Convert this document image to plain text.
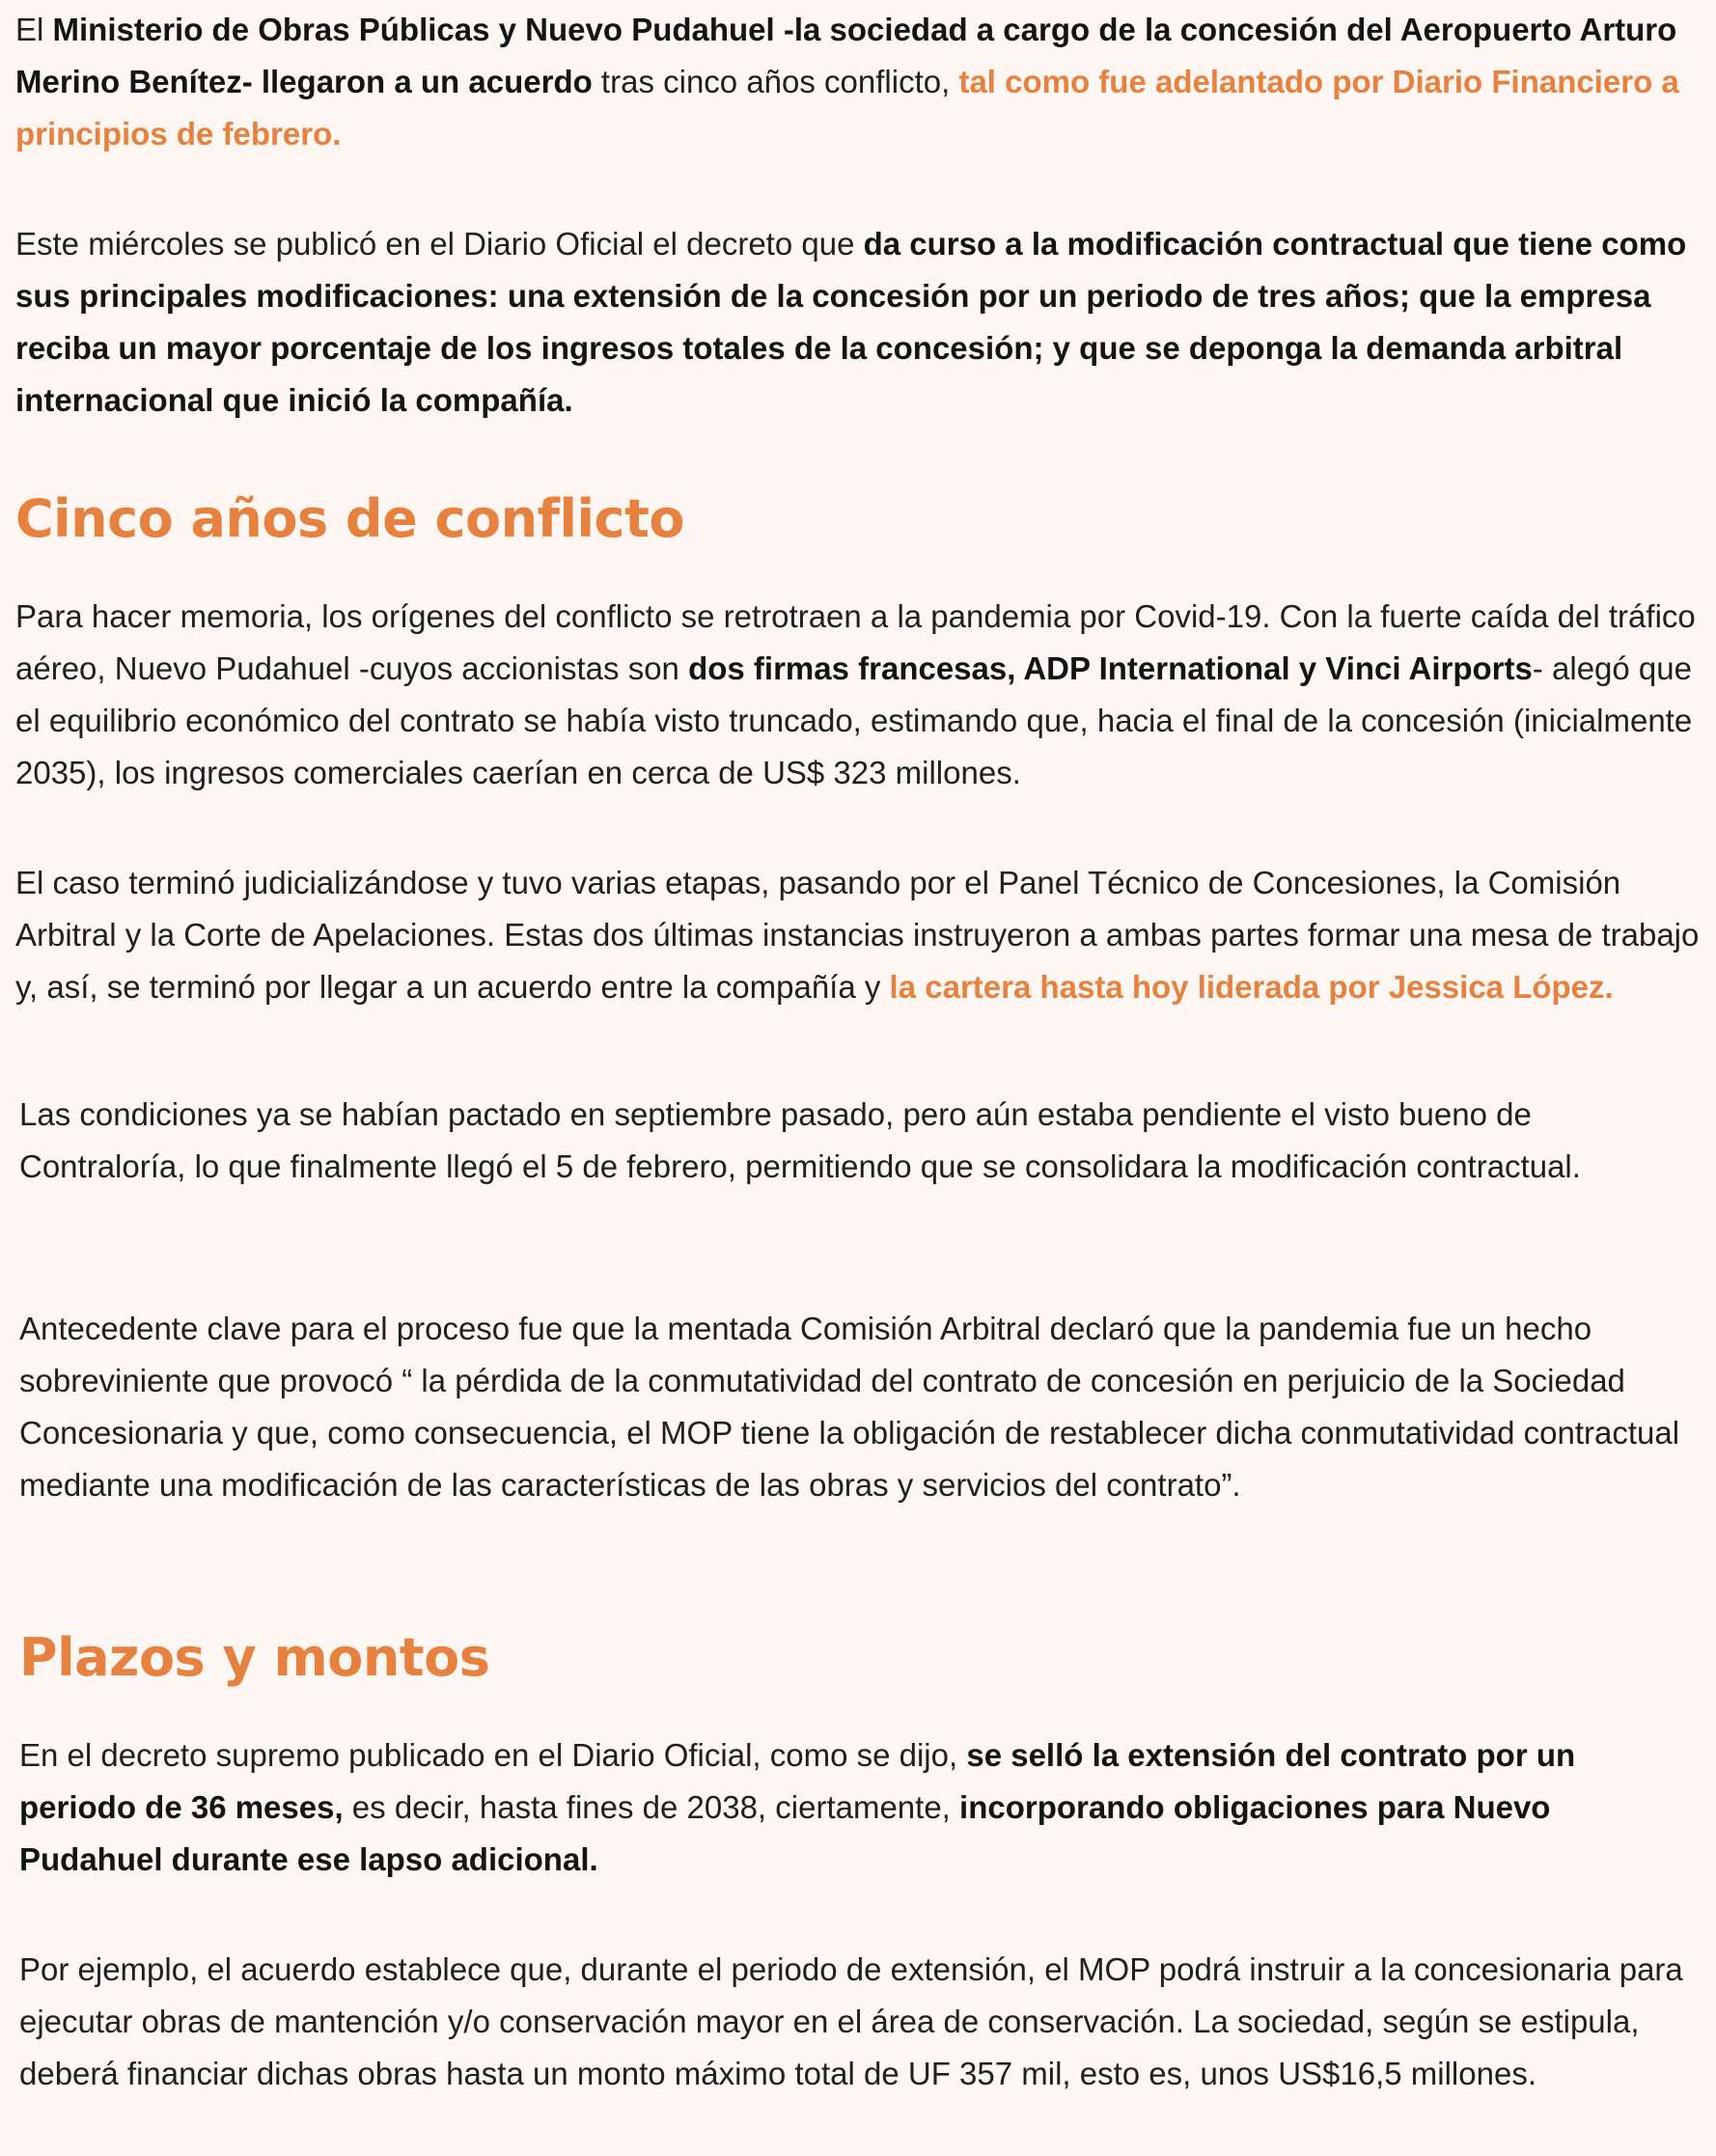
El Ministerio de Obras Públicas y Nuevo Pudahuel -la sociedad a cargo de la concesión del Aeropuerto Arturo Merino Benítez- llegaron a un acuerdo tras cinco años conflicto, tal como fue adelantado por Diario Financiero a principios de febrero.

Este miércoles se publicó en el Diario Oficial el decreto que da curso a la modificación contractual que tiene como sus principales modificaciones: una extensión de la concesión por un periodo de tres años; que la empresa reciba un mayor porcentaje de los ingresos totales de la concesión; y que se deponga la demanda arbitral internacional que inició la compañía.

Cinco años de conflicto

Para hacer memoria, los orígenes del conflicto se retrotraen a la pandemia por Covid-19. Con la fuerte caída del tráfico aéreo, Nuevo Pudahuel -cuyos accionistas son dos firmas francesas, ADP International y Vinci Airports- alegó que el equilibrio económico del contrato se había visto truncado, estimando que, hacia el final de la concesión (inicialmente 2035), los ingresos comerciales caerían en cerca de US$ 323 millones.

El caso terminó judicializándose y tuvo varias etapas, pasando por el Panel Técnico de Concesiones, la Comisión Arbitral y la Corte de Apelaciones. Estas dos últimas instancias instruyeron a ambas partes formar una mesa de trabajo y, así, se terminó por llegar a un acuerdo entre la compañía y la cartera hasta hoy liderada por Jessica López.

Las condiciones ya se habían pactado en septiembre pasado, pero aún estaba pendiente el visto bueno de Contraloría, lo que finalmente llegó el 5 de febrero, permitiendo que se consolidara la modificación contractual.

Antecedente clave para el proceso fue que la mentada Comisión Arbitral declaró que la pandemia fue un hecho sobreviniente que provocó “ la pérdida de la conmutatividad del contrato de concesión en perjuicio de la Sociedad Concesionaria y que, como consecuencia, el MOP tiene la obligación de restablecer dicha conmutatividad contractual mediante una modificación de las características de las obras y servicios del contrato”.

Plazos y montos

En el decreto supremo publicado en el Diario Oficial, como se dijo, se selló la extensión del contrato por un periodo de 36 meses, es decir, hasta fines de 2038, ciertamente, incorporando obligaciones para Nuevo Pudahuel durante ese lapso adicional.

Por ejemplo, el acuerdo establece que, durante el periodo de extensión, el MOP podrá instruir a la concesionaria para ejecutar obras de mantención y/o conservación mayor en el área de conservación. La sociedad, según se estipula, deberá financiar dichas obras hasta un monto máximo total de UF 357 mil, esto es, unos US$16,5 millones.
